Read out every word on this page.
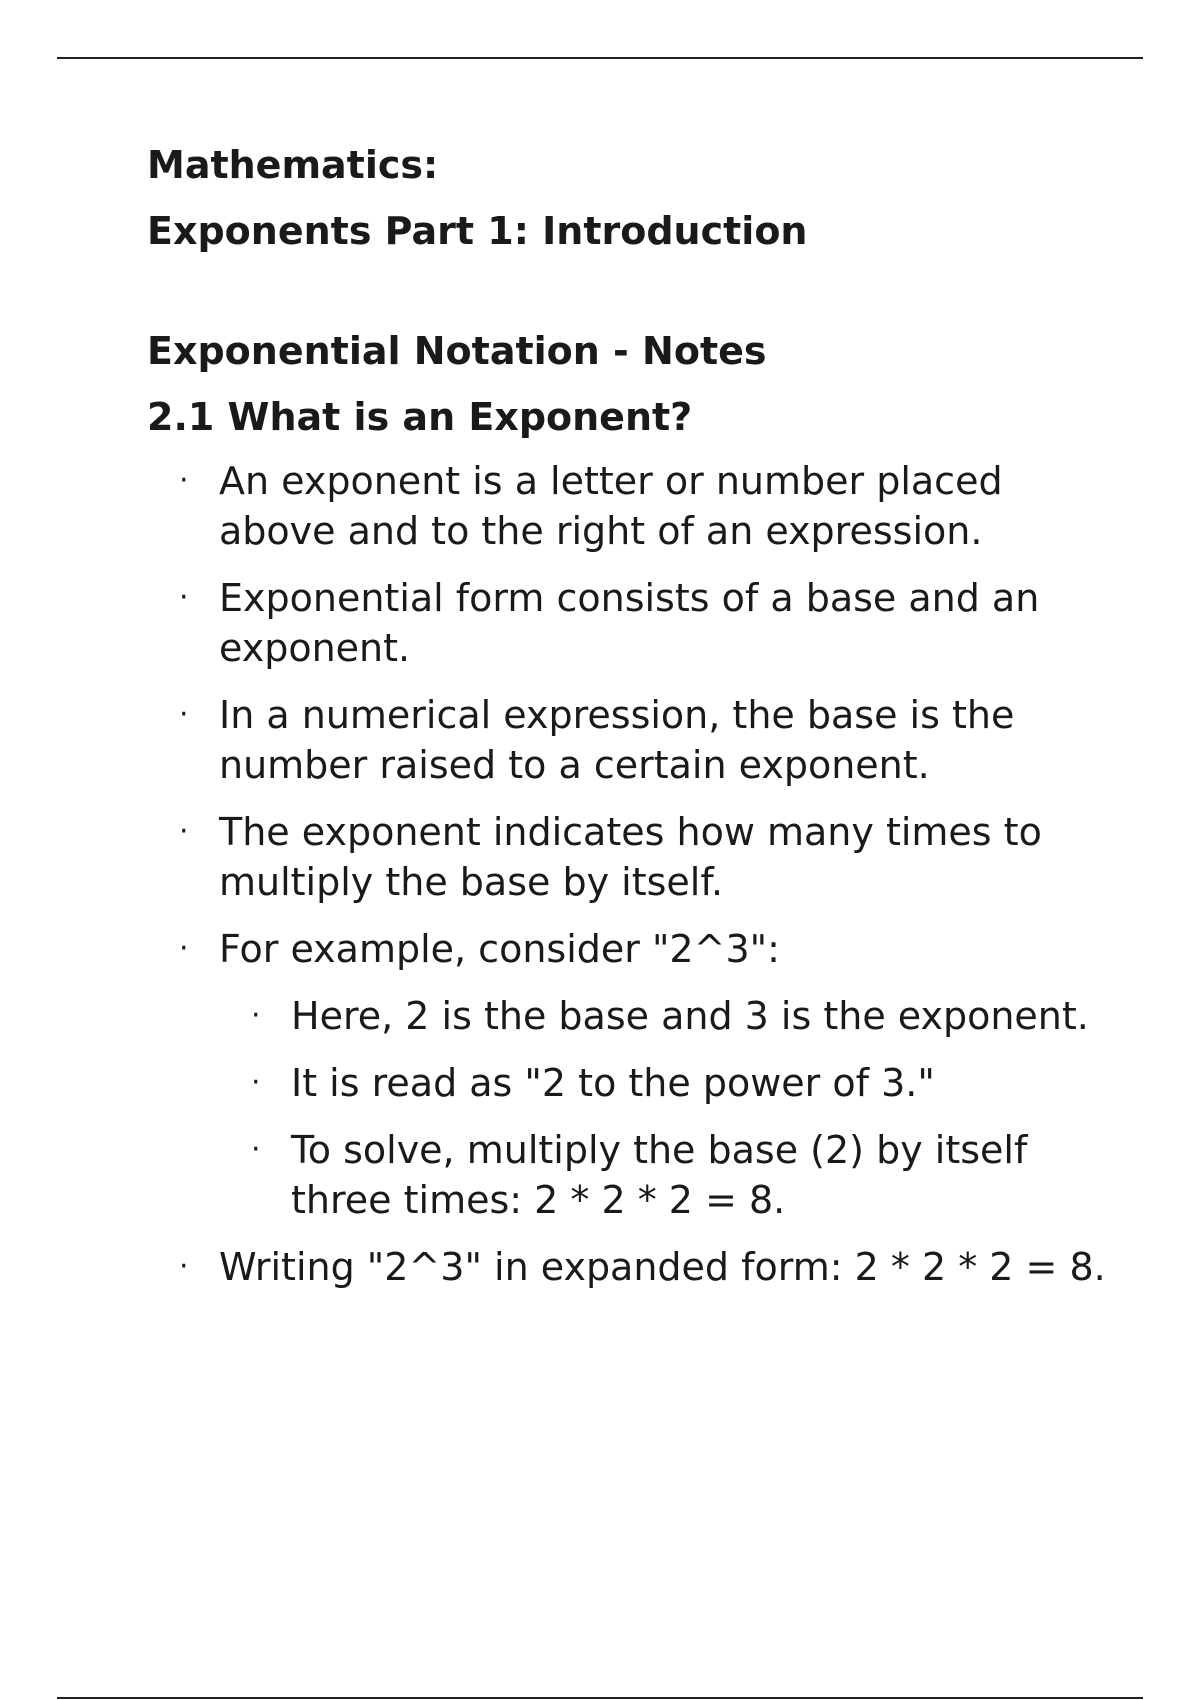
Mathematics:
Exponents Part 1: Introduction
Exponential Notation - Notes
2.1 What is an Exponent?
· An exponent is a letter or number placed above and to the right of an expression.
· Exponential form consists of a base and an exponent.
· In a numerical expression, the base is the number raised to a certain exponent.
· The exponent indicates how many times to multiply the base by itself.
· For example, consider "2^3":
· Here, 2 is the base and 3 is the exponent.
· It is read as "2 to the power of 3."
· To solve, multiply the base (2) by itself three times: 2 * 2 * 2 = 8.
· Writing "2^3" in expanded form: 2 * 2 * 2 = 8.
